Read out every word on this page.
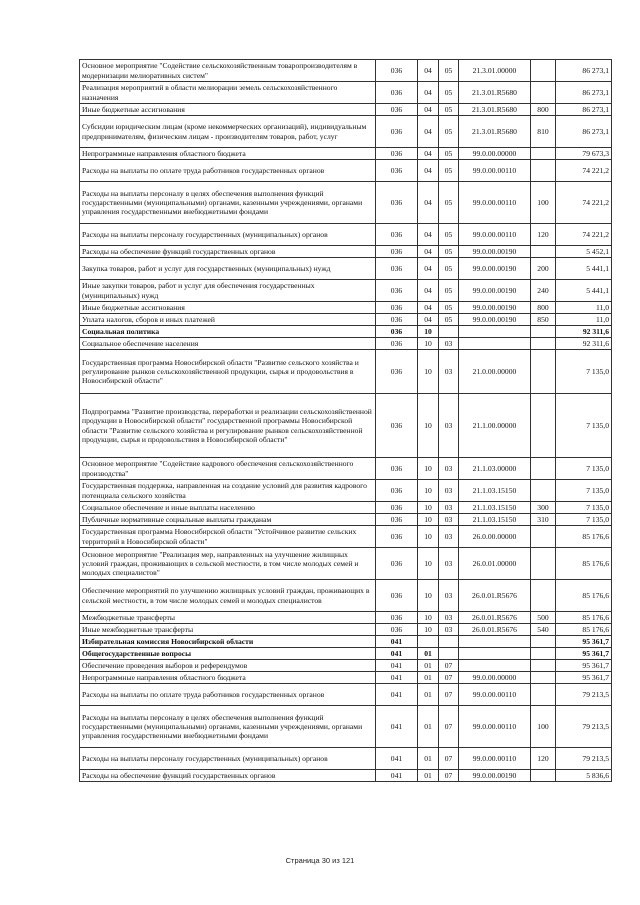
Основное мероприятие "Содействие сельскохозяйственным товаропроизводителям в модернизации мелиоративных систем"	036	04	05	21.3.01.00000		86 273,1
Реализация мероприятий в области мелиорации земель сельскохозяйственного назначения	036	04	05	21.3.01.R5680		86 273,1
Иные бюджетные ассигнования	036	04	05	21.3.01.R5680	800	86 273,1
Субсидии юридическим лицам (кроме некоммерческих организаций), индивидуальным предпринимателям, физическим лицам - производителям товаров, работ, услуг	036	04	05	21.3.01.R5680	810	86 273,1
Непрограммные направления областного бюджета	036	04	05	99.0.00.00000		79 673,3
Расходы на выплаты по оплате труда работников государственных органов	036	04	05	99.0.00.00110		74 221,2
Расходы на выплаты персоналу в целях обеспечения выполнения функций государственными (муниципальными) органами, казенными учреждениями, органами управления государственными внебюджетными фондами	036	04	05	99.0.00.00110	100	74 221,2
Расходы на выплаты персоналу государственных (муниципальных) органов	036	04	05	99.0.00.00110	120	74 221,2
Расходы на обеспечение функций государственных органов	036	04	05	99.0.00.00190		5 452,1
Закупка товаров, работ и услуг для государственных (муниципальных) нужд	036	04	05	99.0.00.00190	200	5 441,1
Иные закупки товаров, работ и услуг для обеспечения государственных (муниципальных) нужд	036	04	05	99.0.00.00190	240	5 441,1
Иные бюджетные ассигнования	036	04	05	99.0.00.00190	800	11,0
Уплата налогов, сборов и иных платежей	036	04	05	99.0.00.00190	850	11,0
Социальная политика	036	10				92 311,6
Социальное обеспечение населения	036	10	03			92 311,6
Государственная программа Новосибирской области "Развитие сельского хозяйства и регулирование рынков сельскохозяйственной продукции, сырья и продовольствия в Новосибирской области"	036	10	03	21.0.00.00000		7 135,0
Подпрограмма "Развитие производства, переработки и реализации сельскохозяйственной продукции в Новосибирской области" государственной программы Новосибирской области "Развитие сельского хозяйства и регулирование рынков сельскохозяйственной продукции, сырья и продовольствия в Новосибирской области"	036	10	03	21.1.00.00000		7 135,0
Основное мероприятие "Содействие кадрового обеспечения сельскохозяйственного производства"	036	10	03	21.1.03.00000		7 135,0
Государственная поддержка, направленная на создание условий для развития кадрового потенциала сельского хозяйства	036	10	03	21.1.03.15150		7 135,0
Социальное обеспечение и иные выплаты населению	036	10	03	21.1.03.15150	300	7 135,0
Публичные нормативные социальные выплаты гражданам	036	10	03	21.1.03.15150	310	7 135,0
Государственная программа Новосибирской области "Устойчивое развитие сельских территорий в Новосибирской области"	036	10	03	26.0.00.00000		85 176,6
Основное мероприятие "Реализация мер, направленных на улучшение жилищных условий граждан, проживающих в сельской местности, в том числе молодых семей и молодых специалистов"	036	10	03	26.0.01.00000		85 176,6
Обеспечение мероприятий по улучшению жилищных условий граждан, проживающих в сельской местности, в том числе молодых семей и молодых специалистов	036	10	03	26.0.01.R5676		85 176,6
Межбюджетные трансферты	036	10	03	26.0.01.R5676	500	85 176,6
Иные межбюджетные трансферты	036	10	03	26.0.01.R5676	540	85 176,6
Избирательная комиссия Новосибирской области	041					95 361,7
Общегосударственные вопросы	041	01				95 361,7
Обеспечение проведения выборов и референдумов	041	01	07			95 361,7
Непрограммные направления областного бюджета	041	01	07	99.0.00.00000		95 361,7
Расходы на выплаты по оплате труда работников государственных органов	041	01	07	99.0.00.00110		79 213,5
Расходы на выплаты персоналу в целях обеспечения выполнения функций государственными (муниципальными) органами, казенными учреждениями, органами управления государственными внебюджетными фондами	041	01	07	99.0.00.00110	100	79 213,5
Расходы на выплаты персоналу государственных (муниципальных) органов	041	01	07	99.0.00.00110	120	79 213,5
Расходы на обеспечение функций государственных органов	041	01	07	99.0.00.00190		5 836,6
Страница 30 из 121
